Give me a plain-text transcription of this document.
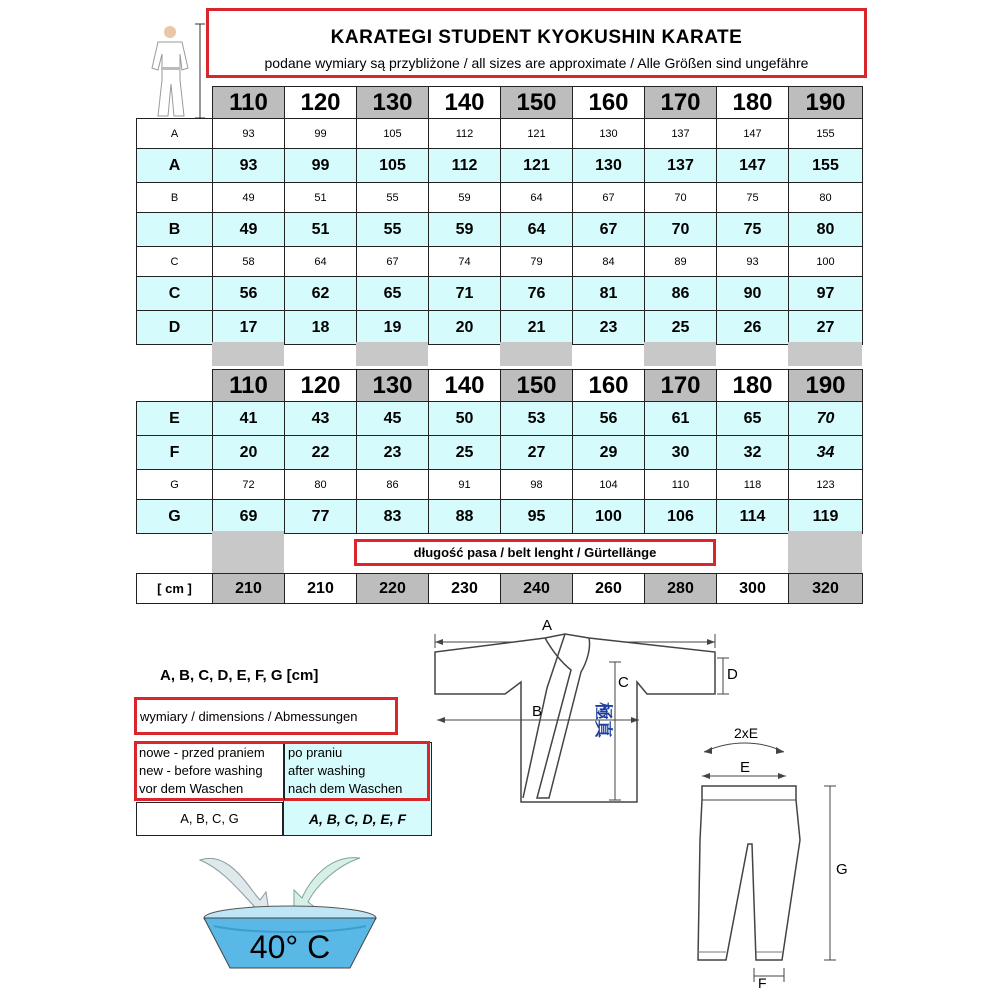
KARATEGI STUDENT KYOKUSHIN KARATE
podane wymiary są przybliżone / all sizes are approximate / Alle Größen sind ungefähre
110	120	130	140	150	160	170	180	190
A	93	99	105	112	121	130	137	147	155
A	93	99	105	112	121	130	137	147	155
B	49	51	55	59	64	67	70	75	80
B	49	51	55	59	64	67	70	75	80
C	58	64	67	74	79	84	89	93	100
C	56	62	65	71	76	81	86	90	97
D	17	18	19	20	21	23	25	26	27
110	120	130	140	150	160	170	180	190
E	41	43	45	50	53	56	61	65	70
F	20	22	23	25	27	29	30	32	34
G	72	80	86	91	98	104	110	118	123
G	69	77	83	88	95	100	106	114	119
długość pasa / belt lenght / Gürtellänge
[ cm ]	210	210	220	230	240	260	280	300	320
A, B, C, D, E, F, G [cm]
wymiary / dimensions / Abmessungen
A, B, C, G	A, B, C, D, E, F
nowe - przed praniem
new - before washing
vor dem Waschen
po praniu
after washing
nach dem Waschen
40° C
A
極真
C
B
D
2xE
E
G
F
